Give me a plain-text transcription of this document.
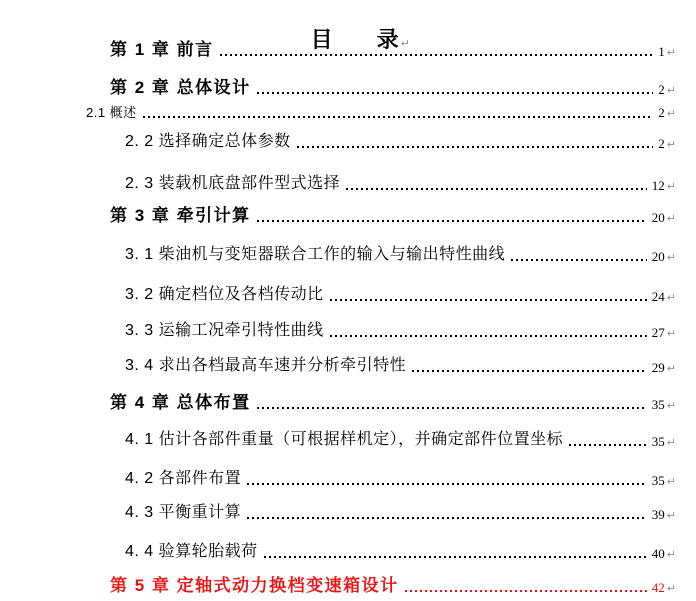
目　　录 ↵

第 1 章 前言	1 ↵
第 2 章 总体设计	2 ↵
2.1 概述	2 ↵
2. 2 选择确定总体参数	2 ↵
2. 3 装载机底盘部件型式选择	12 ↵
第 3 章 牵引计算	20 ↵
3. 1 柴油机与变矩器联合工作的输入与输出特性曲线	20 ↵
3. 2 确定档位及各档传动比	24 ↵
3. 3 运输工况牵引特性曲线	27 ↵
3. 4 求出各档最高车速并分析牵引特性	29 ↵
第 4 章 总体布置	35 ↵
4. 1 估计各部件重量（可根据样机定），并确定部件位置坐标	35 ↵
4. 2 各部件布置	35 ↵
4. 3 平衡重计算	39 ↵
4. 4 验算轮胎载荷	40 ↵
第 5 章 定轴式动力换档变速箱设计	42 ↵
